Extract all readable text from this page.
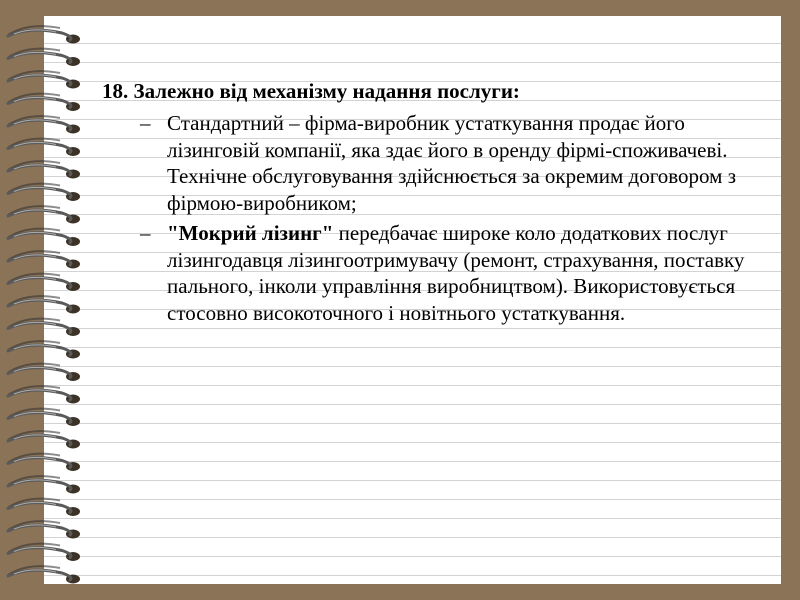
18. Залежно від механізму надання послуги:
– Стандартний – фірма-виробник устаткування продає його лізинговій компанії, яка здає його в оренду фірмі-споживачеві. Технічне обслуговування здійснюється за окремим договором з фірмою-виробником;
– "Мокрий лізинг" передбачає широке коло додаткових послуг лізингодавця лізингоотримувачу (ремонт, страхування, поставку пального, інколи управління виробництвом). Використовується стосовно високоточного і новітнього устаткування.
